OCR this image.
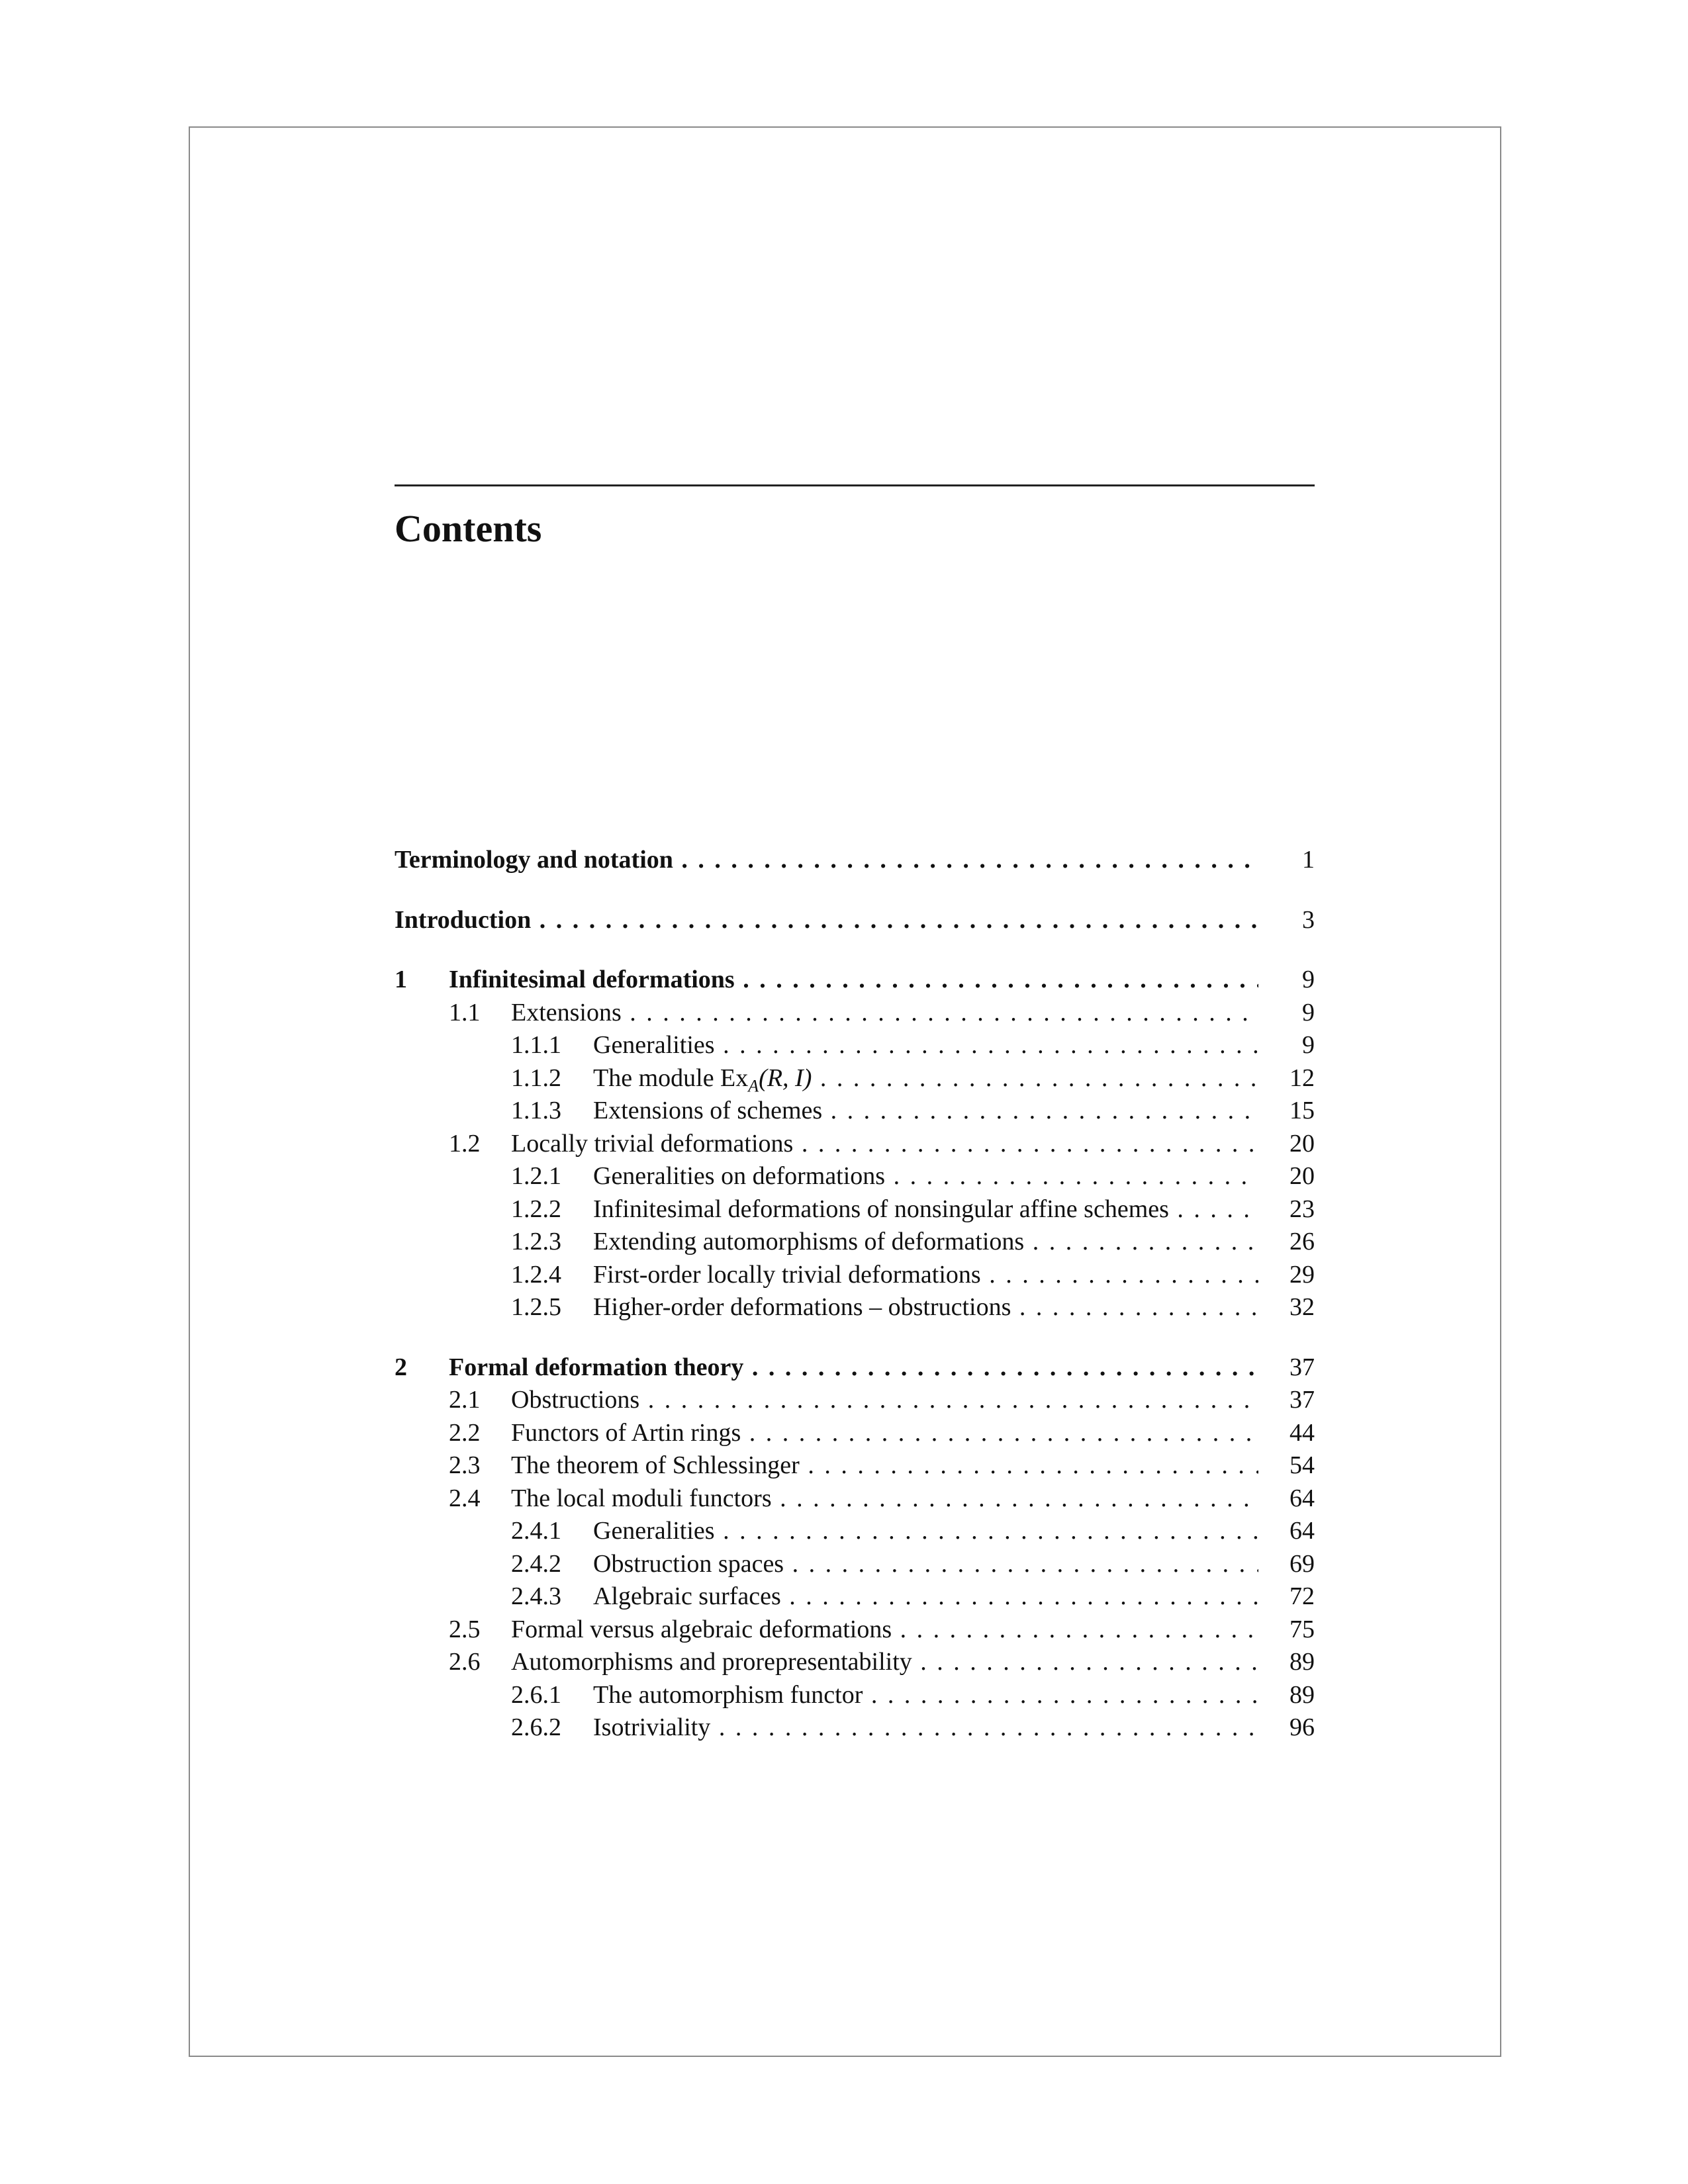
Contents
Terminology and notation . . .	1
Introduction . . .	3
1 Infinitesimal deformations . . .	9
1.1 Extensions . . .	9
1.1.1 Generalities . . .	9
1.1.2 The module $Ex_A(R$, I) . . .	12
1.1.3 Extensions of schemes . . .	15
1.2 Locally trivial deformations . . .	20
1.2.1 Generalities on deformations . . .	20
1.2.2 Infinitesimal deformations of nonsingular affine schemes . . .	23
1.2.3 Extending automorphisms of deformations . . .	26
1.2.4 First-order locally trivial deformations . . .	29
1.2.5 Higher-order deformations – obstructions . . .	32
2 Formal deformation theory . . .	37
2.1 Obstructions . . .	37
2.2 Functors of Artin rings . . .	44
2.3 The theorem of Schlessinger . . .	54
2.4 The local moduli functors . . .	64
2.4.1 Generalities . . .	64
2.4.2 Obstruction spaces . . .	69
2.4.3 Algebraic surfaces . . .	72
2.5 Formal versus algebraic deformations . . .	75
2.6 Automorphisms and prorepresentability . . .	89
2.6.1 The automorphism functor . . .	89
2.6.2 Isotriviality . . .	96
